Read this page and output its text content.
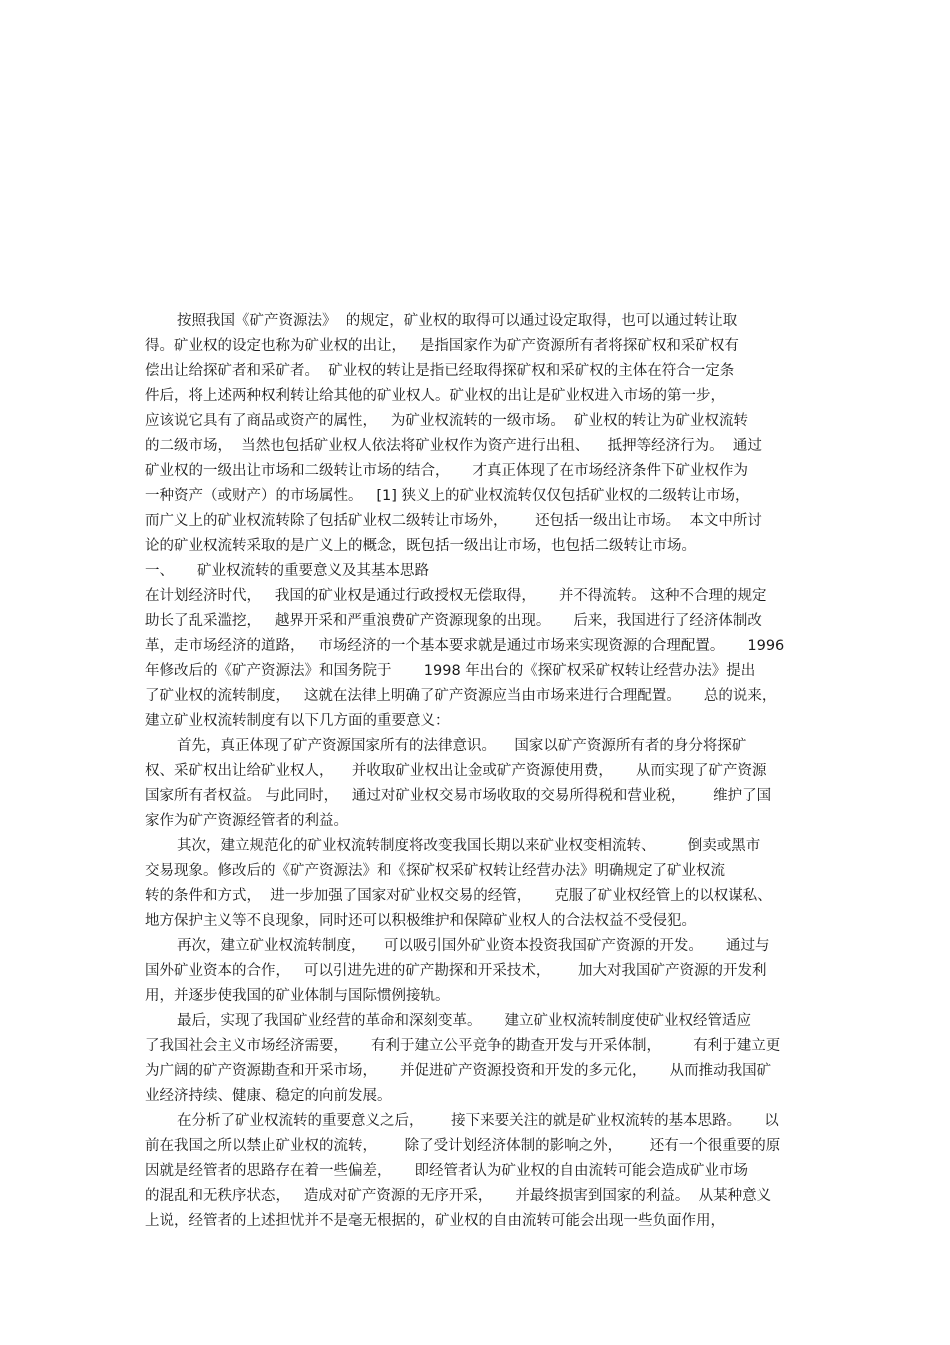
按照我国《矿产资源法》  的规定，矿业权的取得可以通过设定取得，也可以通过转让取
得。矿业权的设定也称为矿业权的出让，   是指国家作为矿产资源所有者将探矿权和采矿权有
偿出让给探矿者和采矿者。  矿业权的转让是指已经取得探矿权和采矿权的主体在符合一定条
件后，将上述两种权利转让给其他的矿业权人。矿业权的出让是矿业权进入市场的第一步，
应该说它具有了商品或资产的属性，   为矿业权流转的一级市场。  矿业权的转让为矿业权流转
的二级市场，  当然也包括矿业权人依法将矿业权作为资产进行出租、    抵押等经济行为。  通过
矿业权的一级出让市场和二级转让市场的结合，     才真正体现了在市场经济条件下矿业权作为
一种资产（或财产）的市场属性。   [1] 狭义上的矿业权流转仅仅包括矿业权的二级转让市场，
而广义上的矿业权流转除了包括矿业权二级转让市场外，      还包括一级出让市场。  本文中所讨
论的矿业权流转采取的是广义上的概念，既包括一级出让市场，也包括二级转让市场。
一、     矿业权流转的重要意义及其基本思路
在计划经济时代，   我国的矿业权是通过行政授权无偿取得，     并不得流转。 这种不合理的规定
助长了乱采滥挖，   越界开采和严重浪费矿产资源现象的出现。     后来，我国进行了经济体制改
革，走市场经济的道路，   市场经济的一个基本要求就是通过市场来实现资源的合理配置。     1996
年修改后的《矿产资源法》和国务院于       1998 年出台的《探矿权采矿权转让经营办法》提出
了矿业权的流转制度，   这就在法律上明确了矿产资源应当由市场来进行合理配置。     总的说来，
建立矿业权流转制度有以下几方面的重要意义：
首先，真正体现了矿产资源国家所有的法律意识。    国家以矿产资源所有者的身分将探矿
权、采矿权出让给矿业权人，    并收取矿业权出让金或矿产资源使用费，     从而实现了矿产资源
国家所有者权益。 与此同时，   通过对矿业权交易市场收取的交易所得税和营业税，      维护了国
家作为矿产资源经管者的利益。
其次，建立规范化的矿业权流转制度将改变我国长期以来矿业权变相流转、       倒卖或黑市
交易现象。修改后的《矿产资源法》和《探矿权采矿权转让经营办法》明确规定了矿业权流
转的条件和方式，  进一步加强了国家对矿业权交易的经管，     克服了矿业权经管上的以权谋私、
地方保护主义等不良现象，同时还可以积极维护和保障矿业权人的合法权益不受侵犯。
再次，建立矿业权流转制度，    可以吸引国外矿业资本投资我国矿产资源的开发。     通过与
国外矿业资本的合作，   可以引进先进的矿产勘探和开采技术，      加大对我国矿产资源的开发利
用，并逐步使我国的矿业体制与国际惯例接轨。
最后，实现了我国矿业经营的革命和深刻变革。     建立矿业权流转制度使矿业权经管适应
了我国社会主义市场经济需要，     有利于建立公平竞争的勘查开发与开采体制，       有利于建立更
为广阔的矿产资源勘查和开采市场，     并促进矿产资源投资和开发的多元化，     从而推动我国矿
业经济持续、健康、稳定的向前发展。
在分析了矿业权流转的重要意义之后，      接下来要关注的就是矿业权流转的基本思路。     以
前在我国之所以禁止矿业权的流转，      除了受计划经济体制的影响之外，      还有一个很重要的原
因就是经管者的思路存在着一些偏差，     即经管者认为矿业权的自由流转可能会造成矿业市场
的混乱和无秩序状态，   造成对矿产资源的无序开采，     并最终损害到国家的利益。  从某种意义
上说，经管者的上述担忧并不是毫无根据的，矿业权的自由流转可能会出现一些负面作用，
